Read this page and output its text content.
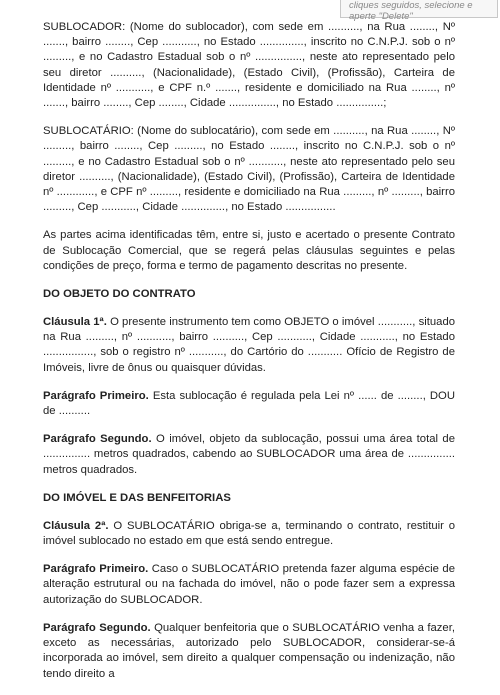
cliques seguidos, selecione e
aperte "Delete"

SUBLOCADOR: (Nome do sublocador), com sede em .........., na Rua ........, Nº ......., bairro ........, Cep ..........., no Estado .............., inscrito no C.N.P.J. sob o nº ........., e no Cadastro Estadual sob o nº ..............., neste ato representado pelo seu diretor .........., (Nacionalidade), (Estado Civil), (Profissão), Carteira de Identidade nº ..........., e CPF n.º ......., residente e domiciliado na Rua ........, nº ......., bairro ........, Cep ........, Cidade ..............., no Estado ...............;

SUBLOCATÁRIO: (Nome do sublocatário), com sede em .........., na Rua ........, Nº ........., bairro ........, Cep ........., no Estado ........, inscrito no C.N.P.J. sob o nº ........., e no Cadastro Estadual sob o nº ..........., neste ato representado pelo seu diretor .........., (Nacionalidade), (Estado Civil), (Profissão), Carteira de Identidade nº ............, e CPF nº ........., residente e domiciliado na Rua ........., nº ........., bairro ........., Cep ..........., Cidade .............., no Estado ................

As partes acima identificadas têm, entre si, justo e acertado o presente Contrato de Sublocação Comercial, que se regerá pelas cláusulas seguintes e pelas condições de preço, forma e termo de pagamento descritas no presente.

DO OBJETO DO CONTRATO

Cláusula 1ª. O presente instrumento tem como OBJETO o imóvel ..........., situado na Rua ........., nº ..........., bairro .........., Cep ..........., Cidade ..........., no Estado ................, sob o registro nº ..........., do Cartório do ........... Ofício de Registro de Imóveis, livre de ônus ou quaisquer dúvidas.

Parágrafo Primeiro. Esta sublocação é regulada pela Lei nº ...... de ........, DOU de ..........

Parágrafo Segundo. O imóvel, objeto da sublocação, possui uma área total de ............... metros quadrados, cabendo ao SUBLOCADOR uma área de ............... metros quadrados.

DO IMÓVEL E DAS BENFEITORIAS

Cláusula 2ª. O SUBLOCATÁRIO obriga-se a, terminando o contrato, restituir o imóvel sublocado no estado em que está sendo entregue.

Parágrafo Primeiro. Caso o SUBLOCATÁRIO pretenda fazer alguma espécie de alteração estrutural ou na fachada do imóvel, não o pode fazer sem a expressa autorização do SUBLOCADOR.

Parágrafo Segundo. Qualquer benfeitoria que o SUBLOCATÁRIO venha a fazer, exceto as necessárias, autorizado pelo SUBLOCADOR, considerar-se-á incorporada ao imóvel, sem direito a qualquer compensação ou indenização, não tendo direito a
